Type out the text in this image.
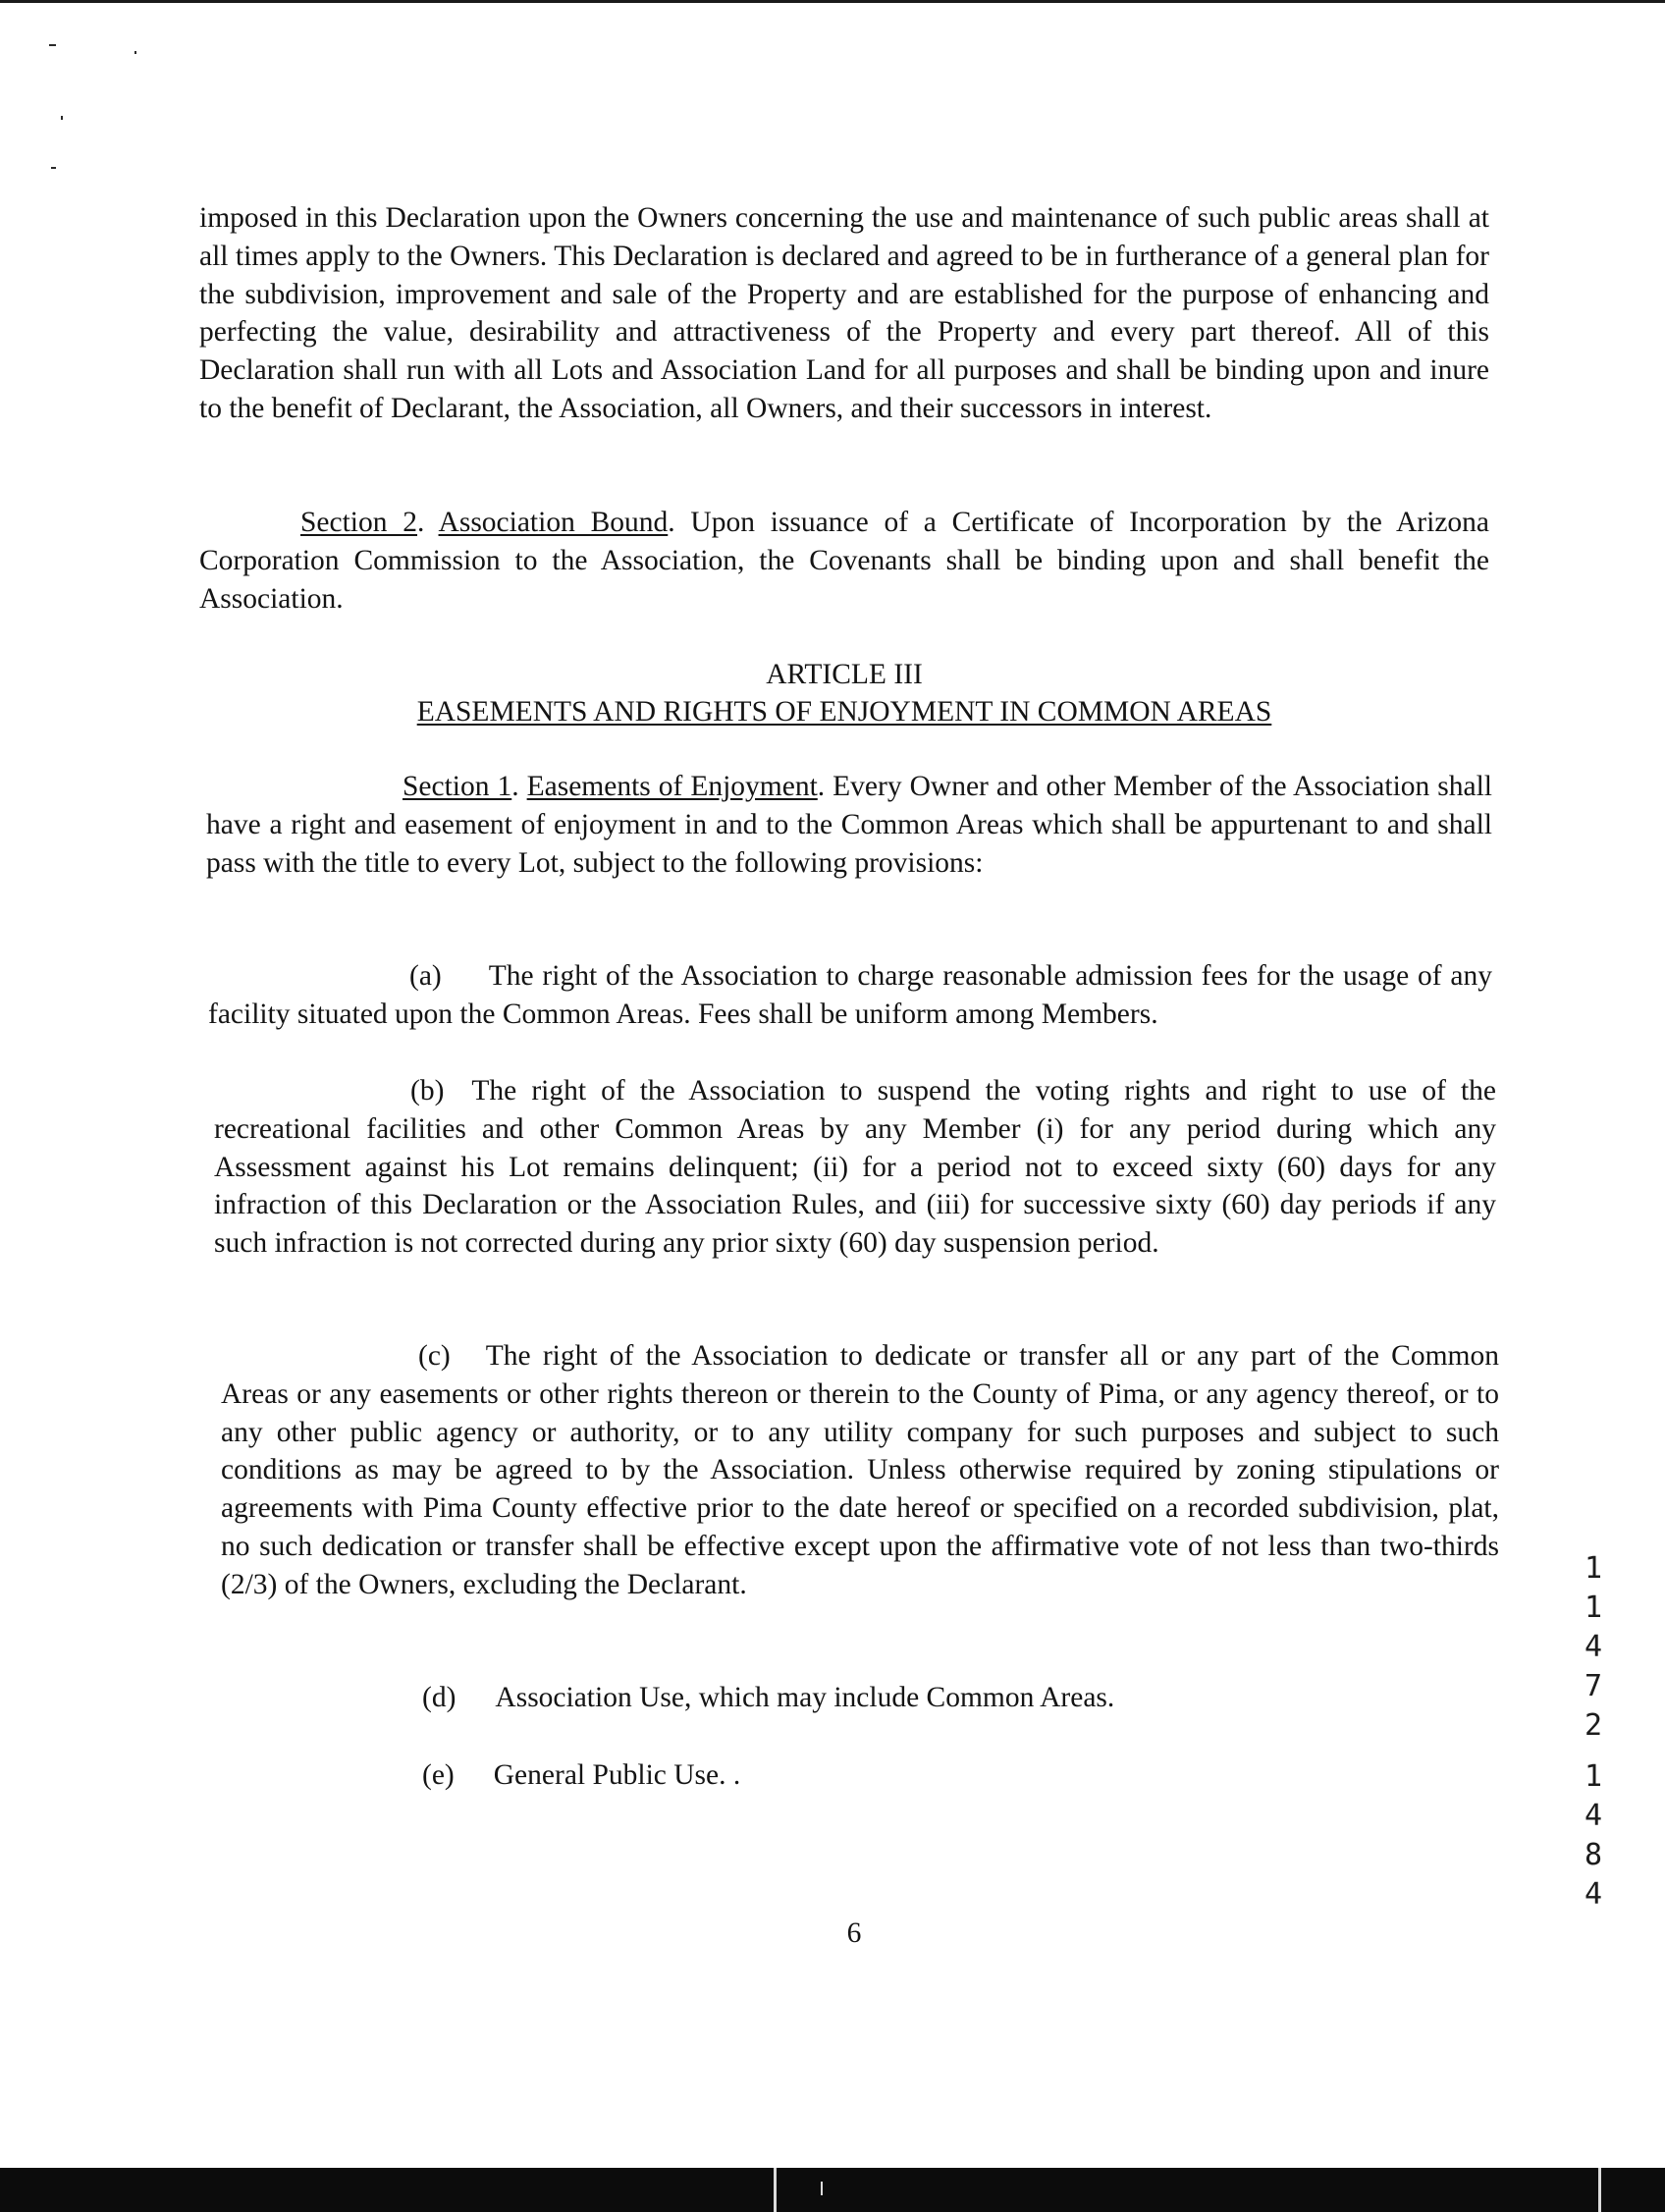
imposed in this Declaration upon the Owners concerning the use and maintenance of such public areas shall at all times apply to the Owners. This Declaration is declared and agreed to be in furtherance of a general plan for the subdivision, improvement and sale of the Property and are established for the purpose of enhancing and perfecting the value, desirability and attractiveness of the Property and every part thereof. All of this Declaration shall run with all Lots and Association Land for all purposes and shall be binding upon and inure to the benefit of Declarant, the Association, all Owners, and their successors in interest.

Section 2. Association Bound. Upon issuance of a Certificate of Incorporation by the Arizona Corporation Commission to the Association, the Covenants shall be binding upon and shall benefit the Association.

ARTICLE III

EASEMENTS AND RIGHTS OF ENJOYMENT IN COMMON AREAS

Section 1. Easements of Enjoyment. Every Owner and other Member of the Association shall have a right and easement of enjoyment in and to the Common Areas which shall be appurtenant to and shall pass with the title to every Lot, subject to the following provisions:

(a) The right of the Association to charge reasonable admission fees for the usage of any facility situated upon the Common Areas. Fees shall be uniform among Members.

(b) The right of the Association to suspend the voting rights and right to use of the recreational facilities and other Common Areas by any Member (i) for any period during which any Assessment against his Lot remains delinquent; (ii) for a period not to exceed sixty (60) days for any infraction of this Declaration or the Association Rules, and (iii) for successive sixty (60) day periods if any such infraction is not corrected during any prior sixty (60) day suspension period.

(c) The right of the Association to dedicate or transfer all or any part of the Common Areas or any easements or other rights thereon or therein to the County of Pima, or any agency thereof, or to any other public agency or authority, or to any utility company for such purposes and subject to such conditions as may be agreed to by the Association. Unless otherwise required by zoning stipulations or agreements with Pima County effective prior to the date hereof or specified on a recorded subdivision, plat, no such dedication or transfer shall be effective except upon the affirmative vote of not less than two-thirds (2/3) of the Owners, excluding the Declarant.

(d) Association Use, which may include Common Areas.

(e) General Public Use. .

6
1
1
4
7
2
1
4
8
4
